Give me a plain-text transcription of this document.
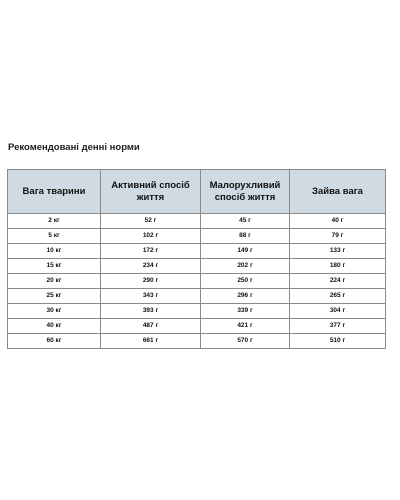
Рекомендовані денні норми
Вага тварини	Активний спосіб життя	Малорухливий спосіб життя	Зайва вага
2 кг	52 г	45 г	40 г
5 кг	102 г	88 г	79 г
10 кг	172 г	149 г	133 г
15 кг	234 г	202 г	180 г
20 кг	290 г	250 г	224 г
25 кг	343 г	296 г	265 г
30 кг	393 г	339 г	304 г
40 кг	487 г	421 г	377 г
60 кг	661 г	570 г	510 г
